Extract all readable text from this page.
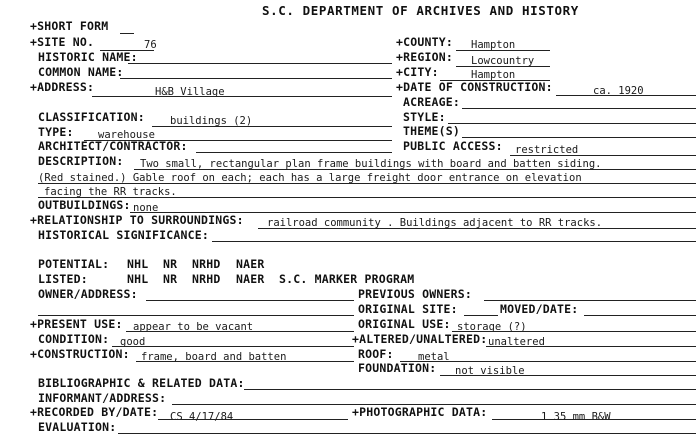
S.C. DEPARTMENT OF ARCHIVES AND HISTORY
+SHORT FORM
+SITE NO.	76	+COUNTY: Hampton
HISTORIC NAME:	+REGION: Lowcountry
COMMON NAME:	+CITY:	Hampton
+ADDRESS:	H&B Village	+DATE OF CONSTRUCTION:	ca. 1920
ACREAGE:
CLASSIFICATION: buildings (2)	STYLE:
TYPE: warehouse	THEME(S)
ARCHITECT/CONTRACTOR:	PUBLIC ACCESS: restricted
DESCRIPTION: Two small, rectangular plan frame buildings with board and batten siding.
(Red stained.) Gable roof on each; each has a large freight door entrance on elevation
facing the RR tracks.
OUTBUILDINGS: none
+RELATIONSHIP TO SURROUNDINGS: railroad community . Buildings adjacent to RR tracks.
HISTORICAL SIGNIFICANCE:
POTENTIAL: NHL NR NRHD NAER
LISTED:	NHL NR NRHD NAER S.C. MARKER PROGRAM
OWNER/ADDRESS:	PREVIOUS OWNERS:
ORIGINAL SITE:	MOVED/DATE:
+PRESENT USE: appear to be vacant	ORIGINAL USE: storage (?)
CONDITION: good	+ALTERED/UNALTERED: unaltered
+CONSTRUCTION: frame, board and batten	ROOF: metal
FOUNDATION: not visible
BIBLIOGRAPHIC & RELATED DATA:
INFORMANT/ADDRESS:
+RECORDED BY/DATE: CS 4/17/84	+PHOTOGRAPHIC DATA:	1 35 mm B&W
EVALUATION:
